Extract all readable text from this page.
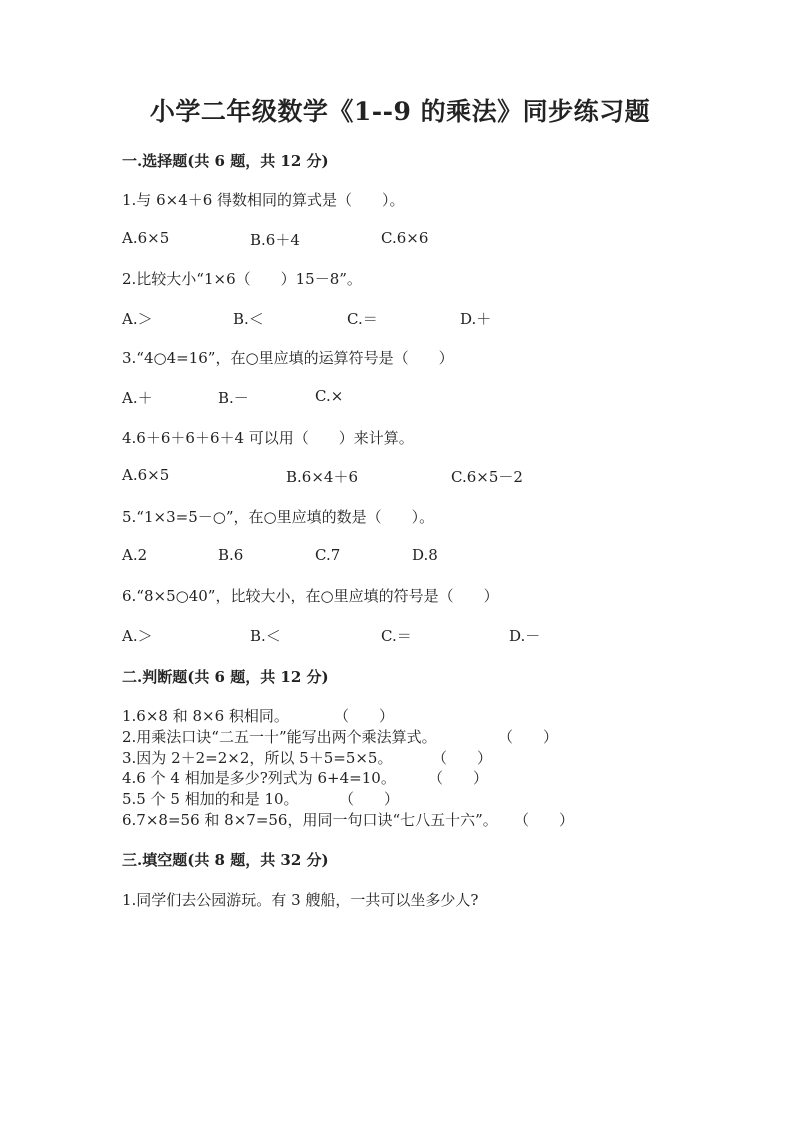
小学二年级数学《1--9 的乘法》同步练习题
一.选择题(共 6 题，共 12 分)
1.与 6×4＋6 得数相同的算式是（　　）。
A.6×5	B.6＋4	C.6×6
2.比较大小“1×6（　　）15－8”。
A.＞	B.＜	C.＝	D.＋
3.“4○4=16”，在○里应填的运算符号是（　　）
A.＋	B.－	C.×
4.6＋6＋6＋6＋4 可以用（　　）来计算。
A.6×5	B.6×4＋6	C.6×5－2
5.“1×3=5－○”，在○里应填的数是（　　）。
A.2	B.6	C.7	D.8
6.“8×5○40”，比较大小，在○里应填的符号是（　　）
A.＞	B.＜	C.＝	D.－
二.判断题(共 6 题，共 12 分)
1.6×8 和 8×6 积相同。	（　　）
2.用乘法口诀“二五一十”能写出两个乘法算式。	（　　）
3.因为 2＋2=2×2，所以 5＋5=5×5。	（　　）
4.6 个 4 相加是多少?列式为 6+4=10。 （　　）
5.5 个 5 相加的和是 10。	（　　）
6.7×8=56 和 8×7=56，用同一句口诀“七八五十六”。 （　　）
三.填空题(共 8 题，共 32 分)
1.同学们去公园游玩。有 3 艘船，一共可以坐多少人?
